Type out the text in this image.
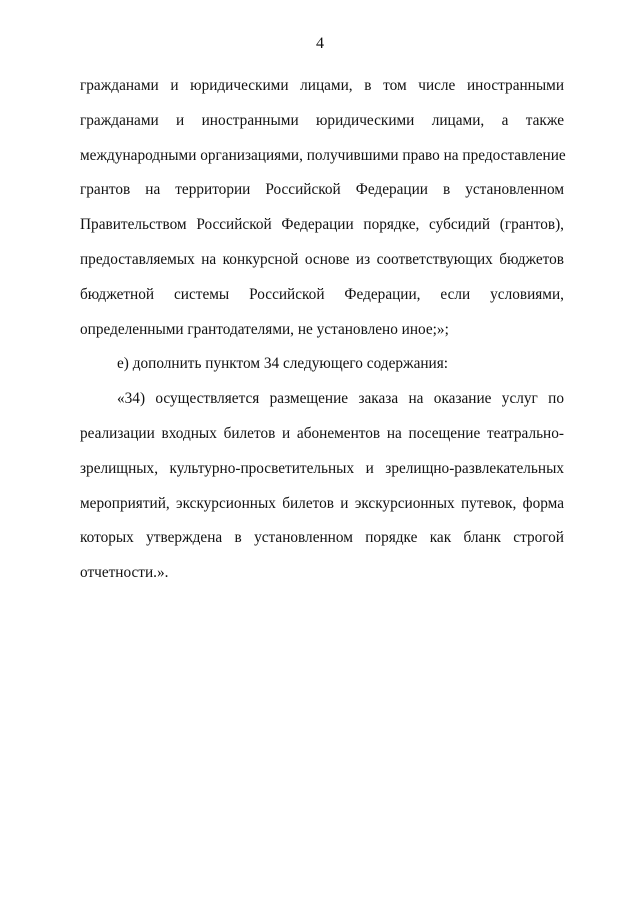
4
гражданами и юридическими лицами, в том числе иностранными
гражданами и иностранными юридическими лицами, а также
международными организациями, получившими право на предоставление
грантов на территории Российской Федерации в установленном
Правительством Российской Федерации порядке, субсидий (грантов),
предоставляемых на конкурсной основе из соответствующих бюджетов
бюджетной системы Российской Федерации, если условиями,
определенными грантодателями, не установлено иное;»;
е) дополнить пунктом 34 следующего содержания:
«34) осуществляется размещение заказа на оказание услуг по
реализации входных билетов и абонементов на посещение театрально-
зрелищных, культурно-просветительных и зрелищно-развлекательных
мероприятий, экскурсионных билетов и экскурсионных путевок, форма
которых утверждена в установленном порядке как бланк строгой
отчетности.».
